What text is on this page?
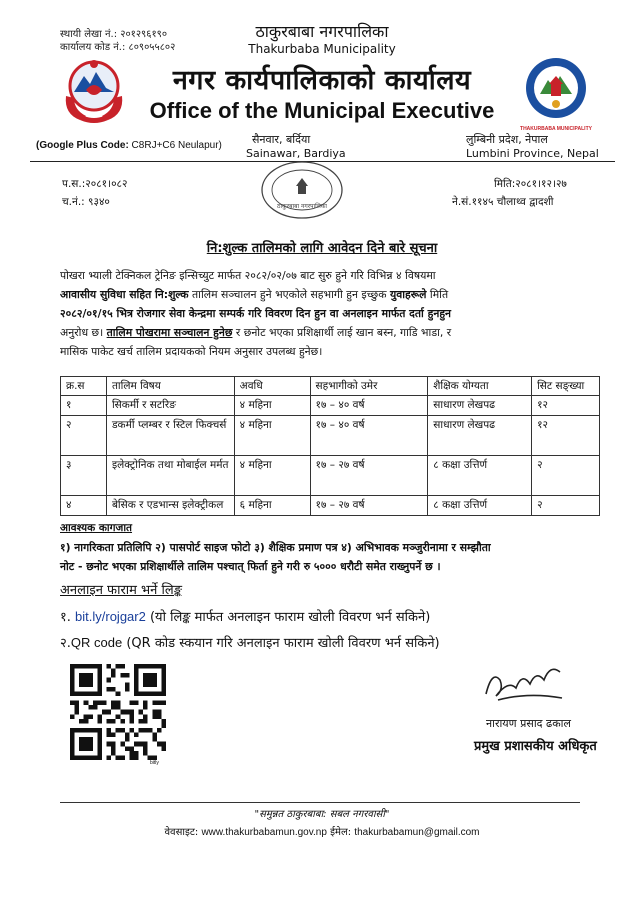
स्थायी लेखा नं.: २०१२९६१९०
कार्यालय कोड नं.: ८०९०५५८०२
ठाकुरबाबा नगरपालिका
Thakurbaba Municipality
THAKURBABA MUNICIPALITY
नगर कार्यपालिकाको कार्यालय
Office of the Municipal Executive
(Google Plus Code: C8RJ+C6 Neulapur)	सैनवार, बर्दिया
Sainawar, Bardiya
लुम्बिनी प्रदेश, नेपाल
Lumbini Province, Nepal
ठाकुरबाबा नगरपालिका
प.स.:२०८१।०८२
च.नं.: ९३४०
मिति:२०८१।१२।२७
ने.सं.११४५ चौलाथ्व द्वादशी
नि:शुल्क तालिमको लागि आवेदन दिने बारे सूचना
पोखरा भ्याली टेक्निकल ट्रेनिङ इन्सिच्युट मार्फत २०८२/०२/०७ बाट सुरु हुने गरि विभिन्न ४ विषयमा
आवासीय सुविधा सहित नि:शुल्क तालिम सञ्चालन हुने भएकोले सहभागी हुन इच्छुक युवाहरूले मिति
२०८२/०१/१५ भित्र रोजगार सेवा केन्द्रमा सम्पर्क गरि विवरण दिन हुन वा अनलाइन मार्फत दर्ता हुनहुन
अनुरोध छ। तालिम पोखरामा सञ्चालन हुनेछ र छनोट भएका प्रशिक्षार्थी लाई खान बस्न, गाडि भाडा, र
मासिक पाकेट खर्च तालिम प्रदायकको नियम अनुसार उपलब्ध हुनेछ।
क्र.स	तालिम विषय	अवधि	सहभागीको उमेर	शैक्षिक योग्यता	सिट सङ्ख्या
१	सिकर्मी र सटरिङ	४ महिना	१७ – ४० वर्ष	साधारण लेखपढ	१२
२	डकर्मी प्लम्बर र स्टिल फिक्चर्स	४ महिना	१७ – ४० वर्ष	साधारण लेखपढ	१२
३	इलेक्ट्रोनिक तथा मोबाईल मर्मत	४ महिना	१७ – २७ वर्ष	८ कक्षा उत्तिर्ण	२
४	बेसिक र एडभान्स इलेक्ट्रीकल	६ महिना	१७ – २७ वर्ष	८ कक्षा उत्तिर्ण	२
आवश्यक कागजात
१) नागरिकता प्रतिलिपि २) पासपोर्ट साइज फोटो ३) शैक्षिक प्रमाण पत्र ४) अभिभावक मञ्जुरीनामा र सम्झौता
नोट - छनोट भएका प्रशिक्षार्थीले तालिम पश्चात् फिर्ता हुने गरी रु ५००० धरौटी समेत राख्नुपर्ने छ ।
अनलाइन फाराम भर्ने लिङ्क
१. bit.ly/rojgar2 (यो लिङ्क मार्फत अनलाइन फाराम खोली विवरण भर्न सकिने)
२.QR code (QR कोड स्कयान गरि अनलाइन फाराम खोली विवरण भर्न सकिने)
bitly
नारायण प्रसाद ढकाल
प्रमुख प्रशासकीय अधिकृत
"समुन्नत ठाकुरबाबा: सबल नगरवासी"
वेवसाइट: www.thakurbabamun.gov.np ईमेल: thakurbabamun@gmail.com
